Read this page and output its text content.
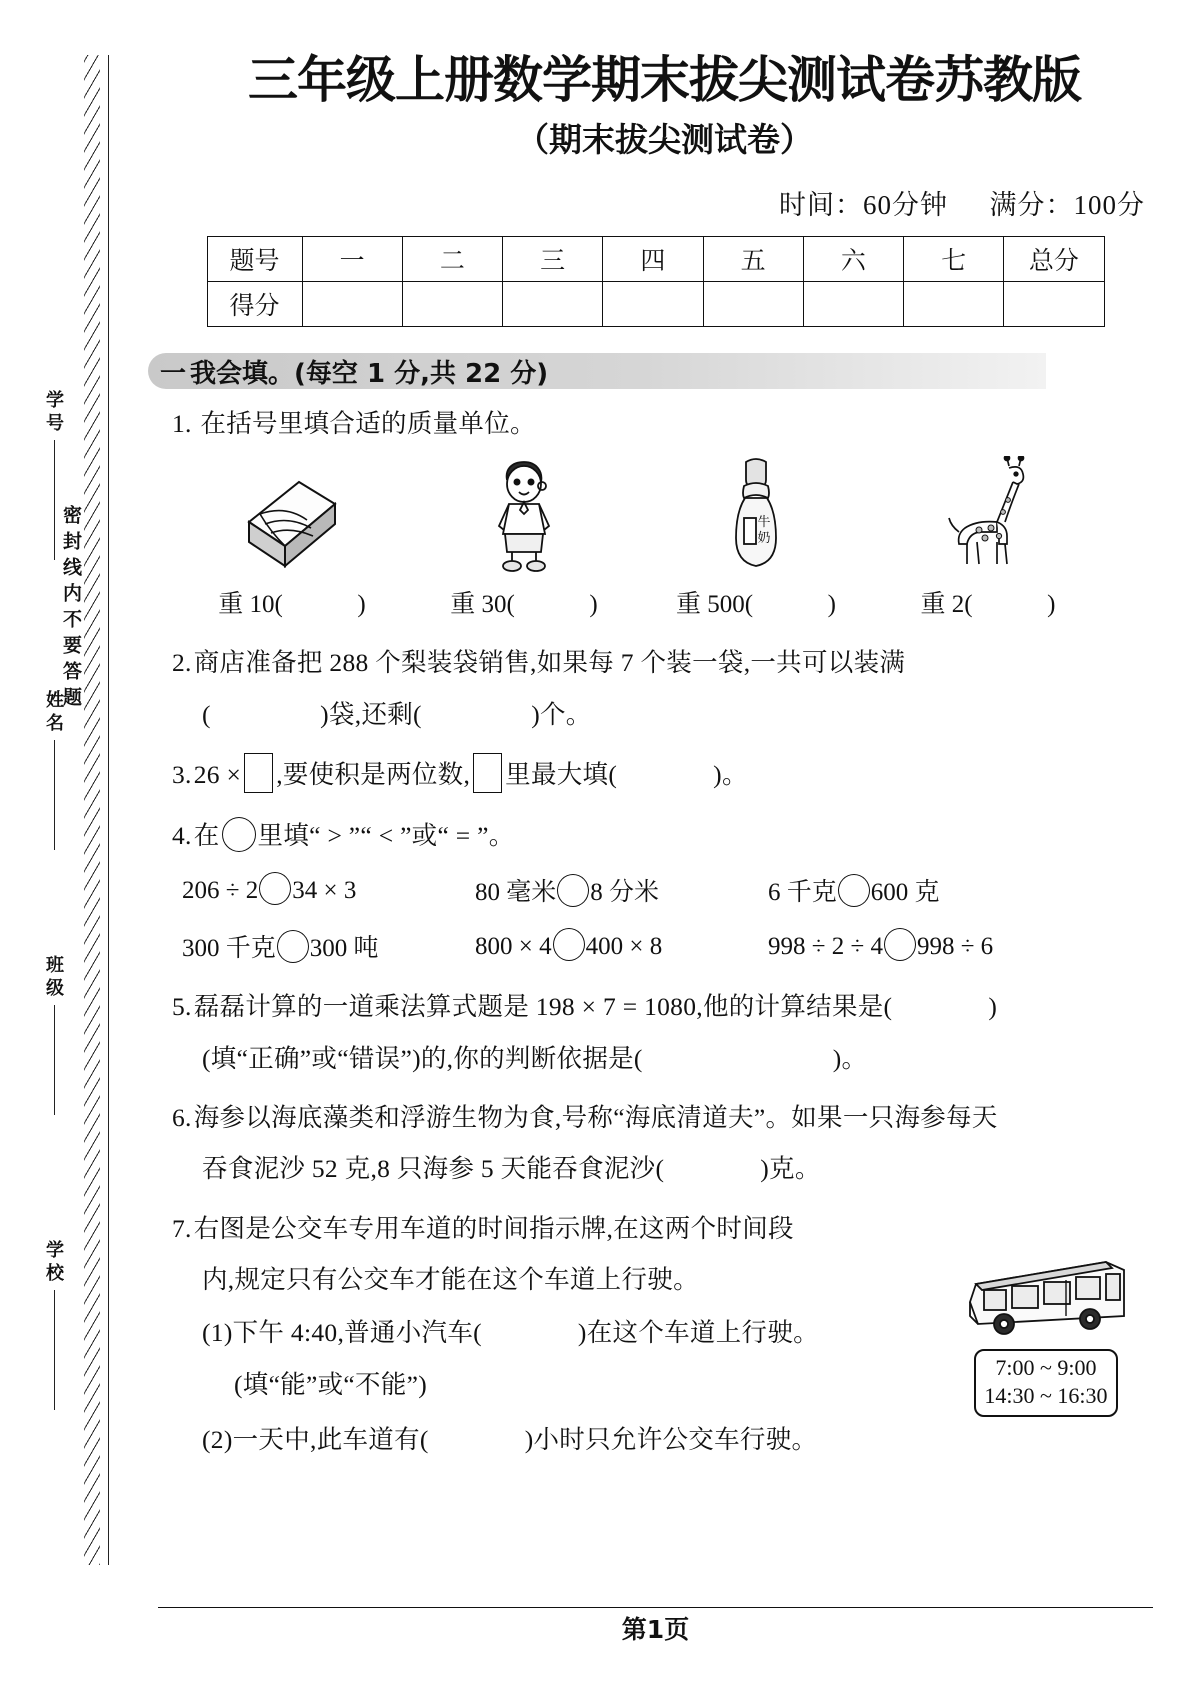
学校
班级
姓名
学号
密封线内不要答题
三年级上册数学期末拔尖测试卷苏教版
（期末拔尖测试卷）
时间：60分钟 满分：100分
题号	一	二	三	四	五	六	七	总分
得分								
一 我会填。(每空 1 分,共 22 分)
1. 在括号里填合适的质量单位。
重 10(	)	重 30(	)
牛
奶
重 500(	)	重 2(	)
2.商店准备把 288 个梨装袋销售,如果每 7 个装一袋,一共可以装满
(	)袋,还剩(	)个。
3.26 × ,要使积是两位数, 里最大填(	)。
4.在 里填“ > ”“ < ”或“ = ”。
206 ÷ 2 34 × 3	80 毫米 8 分米	6 千克 600 克
300 千克 300 吨	800 × 4 400 × 8	998 ÷ 2 ÷ 4 998 ÷ 6
5.磊磊计算的一道乘法算式题是 198 × 7 = 1080,他的计算结果是(	)
(填“正确”或“错误”)的,你的判断依据是(	)。
6.海参以海底藻类和浮游生物为食,号称“海底清道夫”。如果一只海参每天
吞食泥沙 52 克,8 只海参 5 天能吞食泥沙(	)克。
7.右图是公交车专用车道的时间指示牌,在这两个时间段
内,规定只有公交车才能在这个车道上行驶。
(1)下午 4:40,普通小汽车(	)在这个车道上行驶。
(填“能”或“不能”)
(2)一天中,此车道有(	)小时只允许公交车行驶。
7:00 ~ 9:00
14:30 ~ 16:30
第1页
